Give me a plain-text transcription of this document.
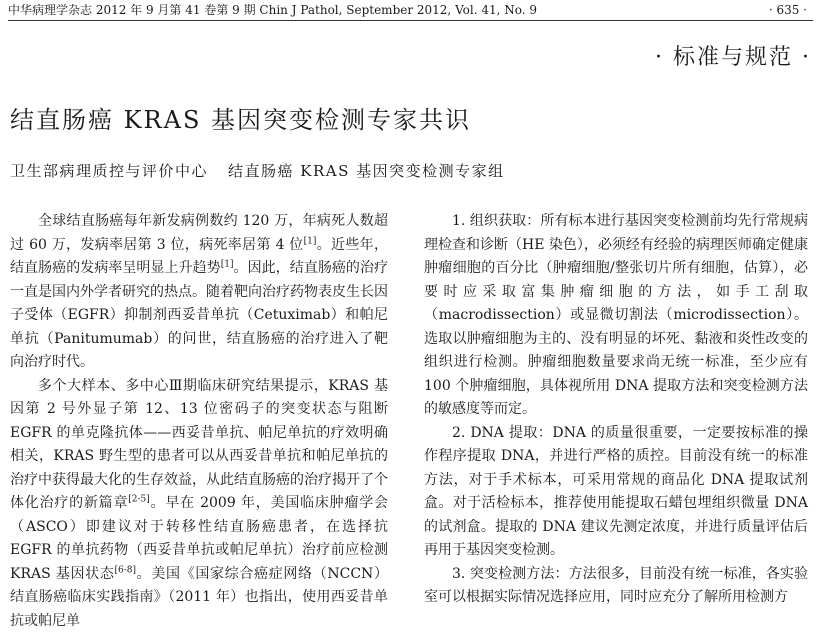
中华病理学杂志 2012 年 9 月第 41 卷第 9 期 Chin J Pathol, September 2012, Vol. 41, No. 9	· 635 ·
· 标准与规范 ·
结直肠癌 KRAS 基因突变检测专家共识
卫生部病理质控与评价中心 结直肠癌 KRAS 基因突变检测专家组

全球结直肠癌每年新发病例数约 120 万，年病死人数超过 60 万，发病率居第 3 位，病死率居第 4 位[1]。近些年，结直肠癌的发病率呈明显上升趋势[1]。因此，结直肠癌的治疗一直是国内外学者研究的热点。随着靶向治疗药物表皮生长因子受体（EGFR）抑制剂西妥昔单抗（Cetuximab）和帕尼单抗（Panitumumab）的问世，结直肠癌的治疗进入了靶向治疗时代。

多个大样本、多中心Ⅲ期临床研究结果提示，KRAS 基因第 2 号外显子第 12、13 位密码子的突变状态与阻断 EGFR 的单克隆抗体——西妥昔单抗、帕尼单抗的疗效明确相关，KRAS 野生型的患者可以从西妥昔单抗和帕尼单抗的治疗中获得最大化的生存效益，从此结直肠癌的治疗揭开了个体化治疗的新篇章[2-5]。早在 2009 年，美国临床肿瘤学会（ASCO）即建议对于转移性结直肠癌患者，在选择抗 EGFR 的单抗药物（西妥昔单抗或帕尼单抗）治疗前应检测 KRAS 基因状态[6-8]。美国《国家综合癌症网络（NCCN）结直肠癌临床实践指南》（2011 年）也指出，使用西妥昔单抗或帕尼单

1. 组织获取：所有标本进行基因突变检测前均先行常规病理检查和诊断（HE 染色），必须经有经验的病理医师确定健康肿瘤细胞的百分比（肿瘤细胞/整张切片所有细胞，估算），必要时应采取富集肿瘤细胞的方法，如手工刮取（macrodissection）或显微切割法（microdissection）。选取以肿瘤细胞为主的、没有明显的坏死、黏液和炎性改变的组织进行检测。肿瘤细胞数量要求尚无统一标准，至少应有 100 个肿瘤细胞，具体视所用 DNA 提取方法和突变检测方法的敏感度等而定。

2. DNA 提取：DNA 的质量很重要，一定要按标准的操作程序提取 DNA，并进行严格的质控。目前没有统一的标准方法，对于手术标本，可采用常规的商品化 DNA 提取试剂盒。对于活检标本，推荐使用能提取石蜡包埋组织微量 DNA 的试剂盒。提取的 DNA 建议先测定浓度，并进行质量评估后再用于基因突变检测。

3. 突变检测方法：方法很多，目前没有统一标准，各实验室可以根据实际情况选择应用，同时应充分了解所用检测方
